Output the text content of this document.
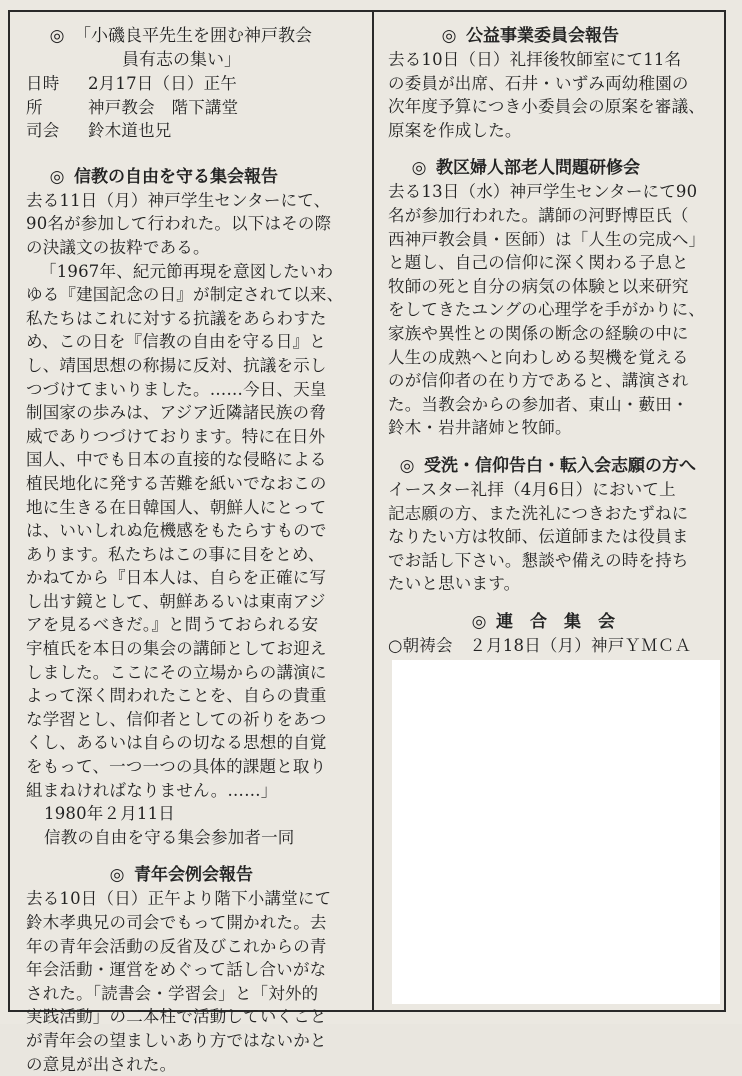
◎ 「小磯良平先生を囲む神戸教会
員有志の集い」
日時	2月17日（日）正午
所	神戸教会　階下講堂
司会	鈴木道也兄
◎ 信教の自由を守る集会報告
去る11日（月）神戸学生センターにて、
90名が参加して行われた。以下はその際
の決議文の抜粋である。
「1967年、紀元節再現を意図したいわ
ゆる『建国記念の日』が制定されて以来、
私たちはこれに対する抗議をあらわすた
め、この日を『信教の自由を守る日』と
し、靖国思想の称揚に反対、抗議を示し
つづけてまいりました。……今日、天皇
制国家の歩みは、アジア近隣諸民族の脅
威でありつづけております。特に在日外
国人、中でも日本の直接的な侵略による
植民地化に発する苦難を紙いでなおこの
地に生きる在日韓国人、朝鮮人にとって
は、いいしれぬ危機感をもたらすもので
あります。私たちはこの事に目をとめ、
かねてから『日本人は、自らを正確に写
し出す鏡として、朝鮮あるいは東南アジ
アを見るべきだ。』と問うておられる安
宇植氏を本日の集会の講師としてお迎え
しました。ここにその立場からの講演に
よって深く問われたことを、自らの貴重
な学習とし、信仰者としての祈りをあつ
くし、あるいは自らの切なる思想的自覚
をもって、一つ一つの具体的課題と取り
組まねければなりません。……」
1980年２月11日
信教の自由を守る集会参加者一同
◎ 青年会例会報告
去る10日（日）正午より階下小講堂にて
鈴木孝典兄の司会でもって開かれた。去
年の青年会活動の反省及びこれからの青
年会活動・運営をめぐって話し合いがな
された。「読書会・学習会」と「対外的
実践活動」の二本柱で活動していくこと
が青年会の望ましいあり方ではないかと
の意見が出された。
◎ 公益事業委員会報告
去る10日（日）礼拝後牧師室にて11名
の委員が出席、石井・いずみ両幼稚園の
次年度予算につき小委員会の原案を審議、
原案を作成した。
◎ 教区婦人部老人問題研修会
去る13日（水）神戸学生センターにて90
名が参加行われた。講師の河野博臣氏（
西神戸教会員・医師）は「人生の完成へ」
と題し、自己の信仰に深く関わる子息と
牧師の死と自分の病気の体験と以来研究
をしてきたユングの心理学を手がかりに、
家族や異性との関係の断念の経験の中に
人生の成熟へと向わしめる契機を覚える
のが信仰者の在り方であると、講演され
た。当教会からの参加者、東山・藪田・
鈴木・岩井諸姉と牧師。
◎ 受洗・信仰告白・転入会志願の方へ
イースター礼拝（4月6日）において上
記志願の方、また洗礼につきおたずねに
なりたい方は牧師、伝道師または役員ま
でお話し下さい。懇談や備えの時を持ち
たいと思います。
◎ 連　合　集　会
○朝祷会　２月18日（月）神戸ＹＭＣＡ
